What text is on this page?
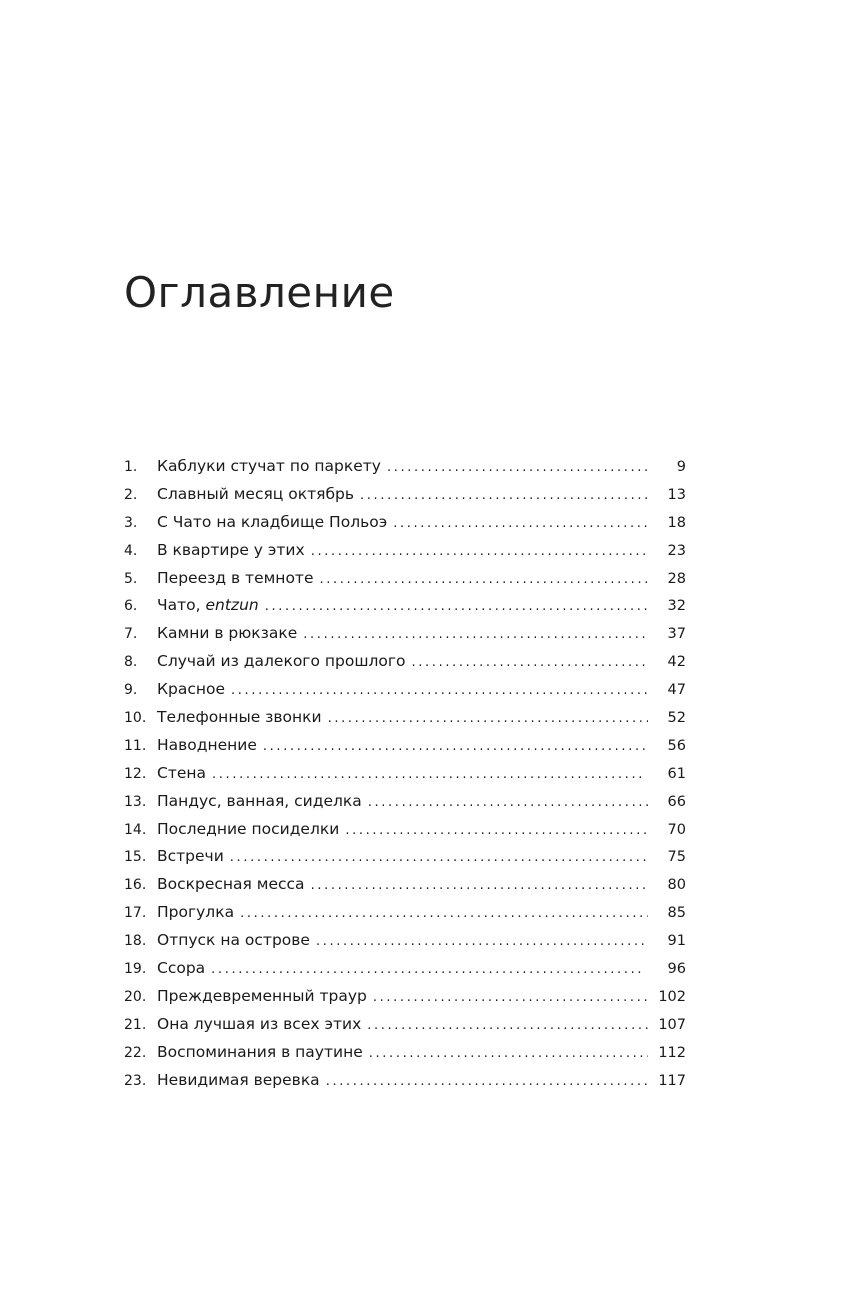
Оглавление
1.	Каблуки стучат по паркету . . .	9
2.	Славный месяц октябрь . . .	13
3.	С Чато на кладбище Польоэ . . .	18
4.	В квартире у этих . . .	23
5.	Переезд в темноте . . .	28
6.	Чато, entzun . . .	32
7.	Камни в рюкзаке . . .	37
8.	Случай из далекого прошлого . . .	42
9.	Красное . . .	47
10. Телефонные звонки . . .	52
11. Наводнение . . .	56
12. Стена . . .	61
13. Пандус, ванная, сиделка . . .	66
14. Последние посиделки . . .	70
15. Встречи . . .	75
16. Воскресная месса . . .	80
17. Прогулка . . .	85
18. Отпуск на острове . . .	91
19. Ссора . . .	96
20. Преждевременный траур . . .	102
21. Она лучшая из всех этих . . .	107
22. Воспоминания в паутине . . .	112
23. Невидимая веревка . . .	117
